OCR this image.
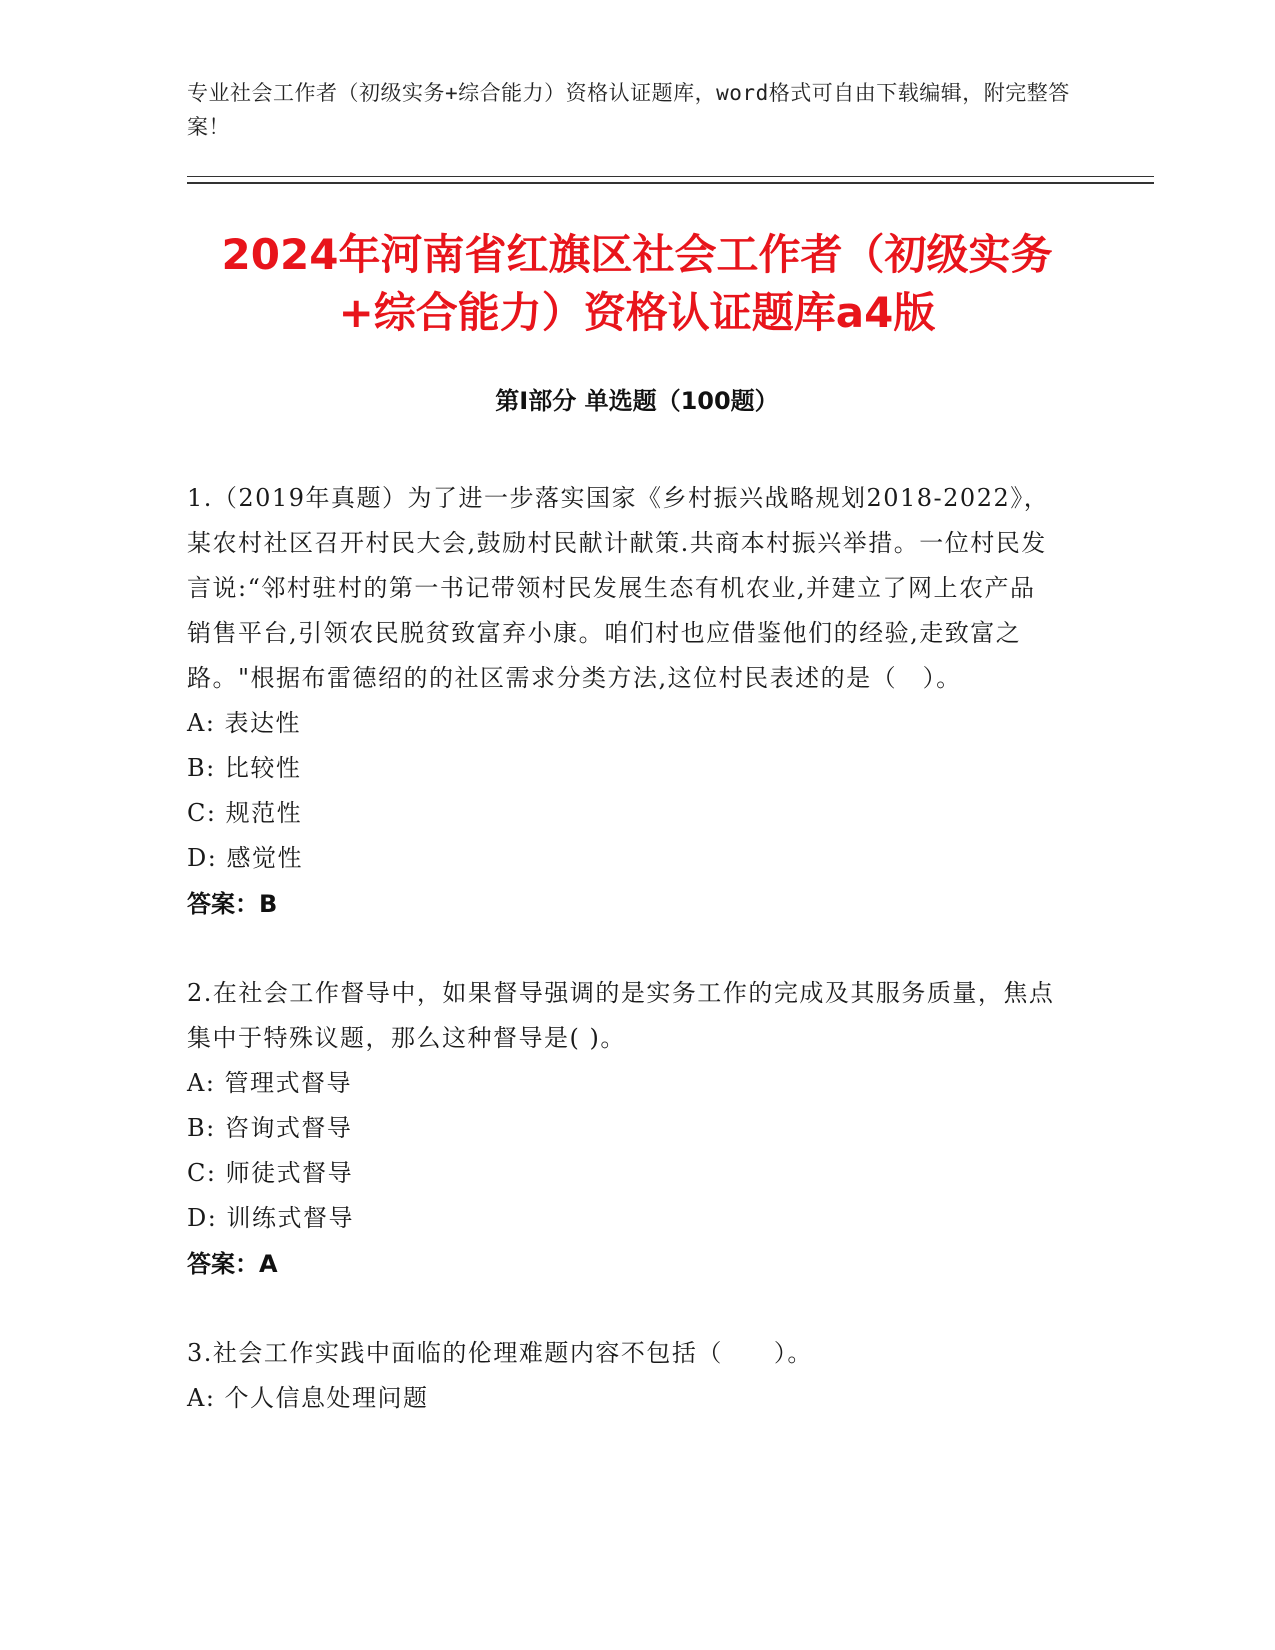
专业社会工作者（初级实务+综合能力）资格认证题库，word格式可自由下载编辑，附完整答案！
2024年河南省红旗区社会工作者（初级实务+综合能力）资格认证题库a4版
第Ⅰ部分 单选题（100题）
1.（2019年真题）为了进一步落实国家《乡村振兴战略规划2018-2022》，某农村社区召开村民大会,鼓励村民献计献策.共商本村振兴举措。一位村民发言说:“邻村驻村的第一书记带领村民发展生态有机农业,并建立了网上农产品销售平台,引领农民脱贫致富弃小康。咱们村也应借鉴他们的经验,走致富之路。"根据布雷德绍的的社区需求分类方法,这位村民表述的是（　）。
A: 表达性
B: 比较性
C: 规范性
D: 感觉性
答案：B
2.在社会工作督导中，如果督导强调的是实务工作的完成及其服务质量，焦点集中于特殊议题，那么这种督导是( )。
A: 管理式督导
B: 咨询式督导
C: 师徒式督导
D: 训练式督导
答案：A
3.社会工作实践中面临的伦理难题内容不包括（　　）。
A: 个人信息处理问题
